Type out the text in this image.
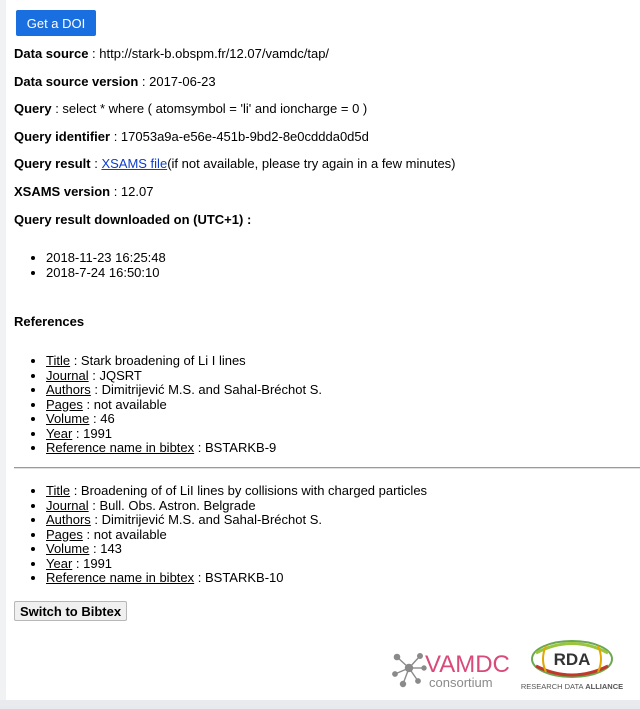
Get a DOI
Data source : http://stark-b.obspm.fr/12.07/vamdc/tap/
Data source version : 2017-06-23
Query : select * where ( atomsymbol = 'li' and ioncharge = 0 )
Query identifier : 17053a9a-e56e-451b-9bd2-8e0cddda0d5d
Query result : XSAMS file(if not available, please try again in a few minutes)
XSAMS version : 12.07
Query result downloaded on (UTC+1) :
• 2018-11-23 16:25:48
• 2018-7-24 16:50:10
References
• Title : Stark broadening of Li I lines
• Journal : JQSRT
• Authors : Dimitrijević M.S. and Sahal-Bréchot S.
• Pages : not available
• Volume : 46
• Year : 1991
• Reference name in bibtex : BSTARKB-9
• Title : Broadening of of LiI lines by collisions with charged particles
• Journal : Bull. Obs. Astron. Belgrade
• Authors : Dimitrijević M.S. and Sahal-Bréchot S.
• Pages : not available
• Volume : 143
• Year : 1991
• Reference name in bibtex : BSTARKB-10
Switch to Bibtex
VAMDC
consortium
RDA
RESEARCH DATA ALLIANCE
